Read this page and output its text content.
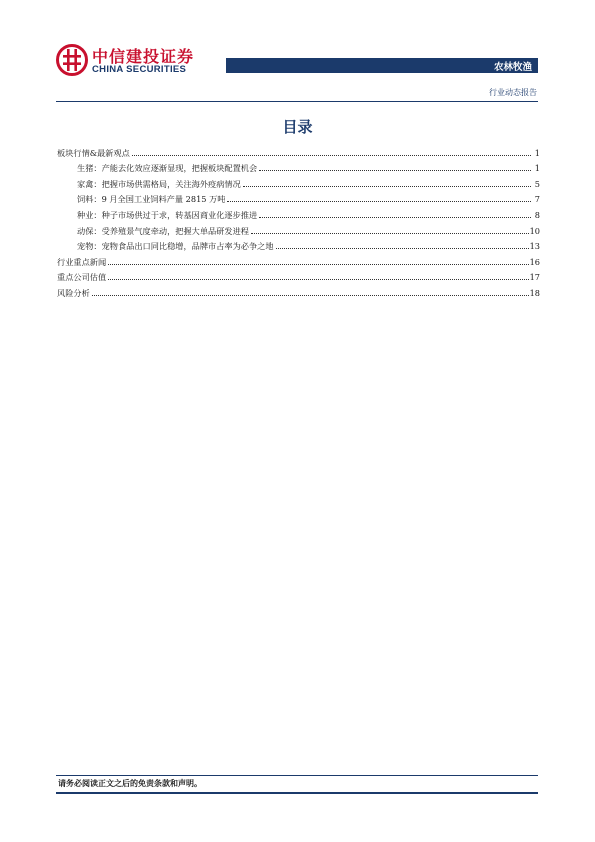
中信建投证券
CHINA SECURITIES	农林牧渔
行业动态报告
目录
板块行情&最新观点	1
生猪：产能去化效应逐渐显现，把握板块配置机会	1
家禽：把握市场供需格局，关注海外疫病情况	5
饲料：9 月全国工业饲料产量 2815 万吨	7
种业：种子市场供过于求，转基因商业化逐步推进	8
动保：受养殖景气度牵动，把握大单品研发进程	10
宠物：宠物食品出口同比稳增，品牌市占率为必争之地	13
行业重点新闻	16
重点公司估值	17
风险分析	18
请务必阅读正文之后的免责条款和声明。
